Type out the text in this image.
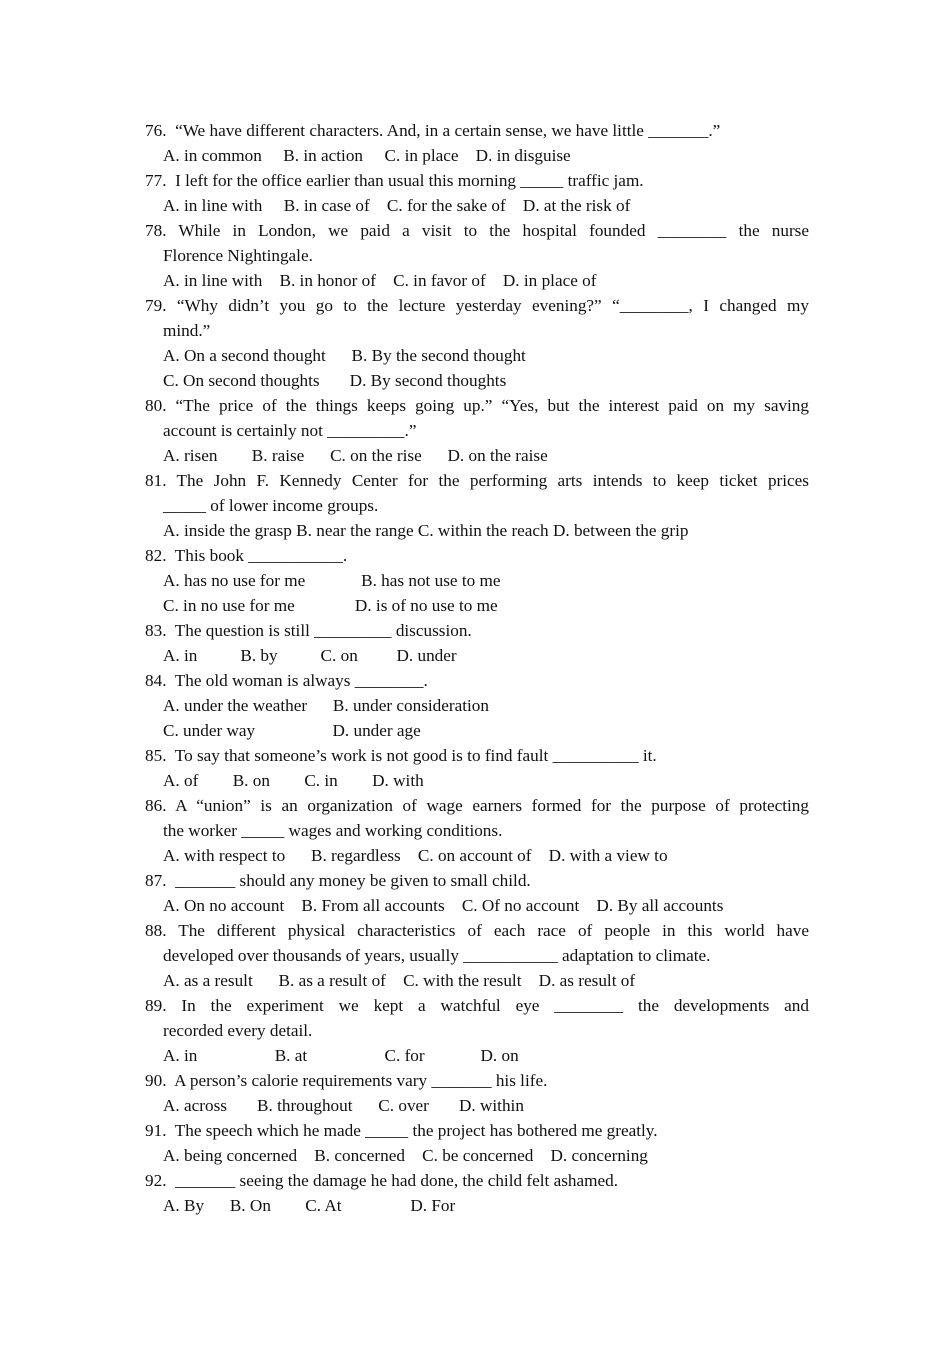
76.  “We have different characters. And, in a certain sense, we have little _______.”
A. in common     B. in action     C. in place    D. in disguise
77.  I left for the office earlier than usual this morning _____ traffic jam.
A. in line with     B. in case of    C. for the sake of    D. at the risk of
78. While in London, we paid a visit to the hospital founded ________ the nurse
Florence Nightingale.
A. in line with    B. in honor of    C. in favor of    D. in place of
79. “Why didn’t you go to the lecture yesterday evening?” “________, I changed my
mind.”
A. On a second thought      B. By the second thought
C. On second thoughts       D. By second thoughts
80. “The price of the things keeps going up.” “Yes, but the interest paid on my saving
account is certainly not _________.”
A. risen        B. raise      C. on the rise      D. on the raise
81. The John F. Kennedy Center for the performing arts intends to keep ticket prices
_____ of lower income groups.
A. inside the grasp B. near the range C. within the reach D. between the grip
82.  This book ___________.
A. has no use for me             B. has not use to me
C. in no use for me              D. is of no use to me
83.  The question is still _________ discussion.
A. in          B. by          C. on         D. under
84.  The old woman is always ________.
A. under the weather      B. under consideration
C. under way                  D. under age
85.  To say that someone’s work is not good is to find fault __________ it.
A. of        B. on        C. in        D. with
86. A “union” is an organization of wage earners formed for the purpose of protecting
the worker _____ wages and working conditions.
A. with respect to      B. regardless    C. on account of    D. with a view to
87.  _______ should any money be given to small child.
A. On no account    B. From all accounts    C. Of no account    D. By all accounts
88. The different physical characteristics of each race of people in this world have
developed over thousands of years, usually ___________ adaptation to climate.
A. as a result      B. as a result of    C. with the result    D. as result of
89. In the experiment we kept a watchful eye ________ the developments and
recorded every detail.
A. in                  B. at                  C. for             D. on
90.  A person’s calorie requirements vary _______ his life.
A. across       B. throughout      C. over       D. within
91.  The speech which he made _____ the project has bothered me greatly.
A. being concerned    B. concerned    C. be concerned    D. concerning
92.  _______ seeing the damage he had done, the child felt ashamed.
A. By      B. On        C. At                D. For
